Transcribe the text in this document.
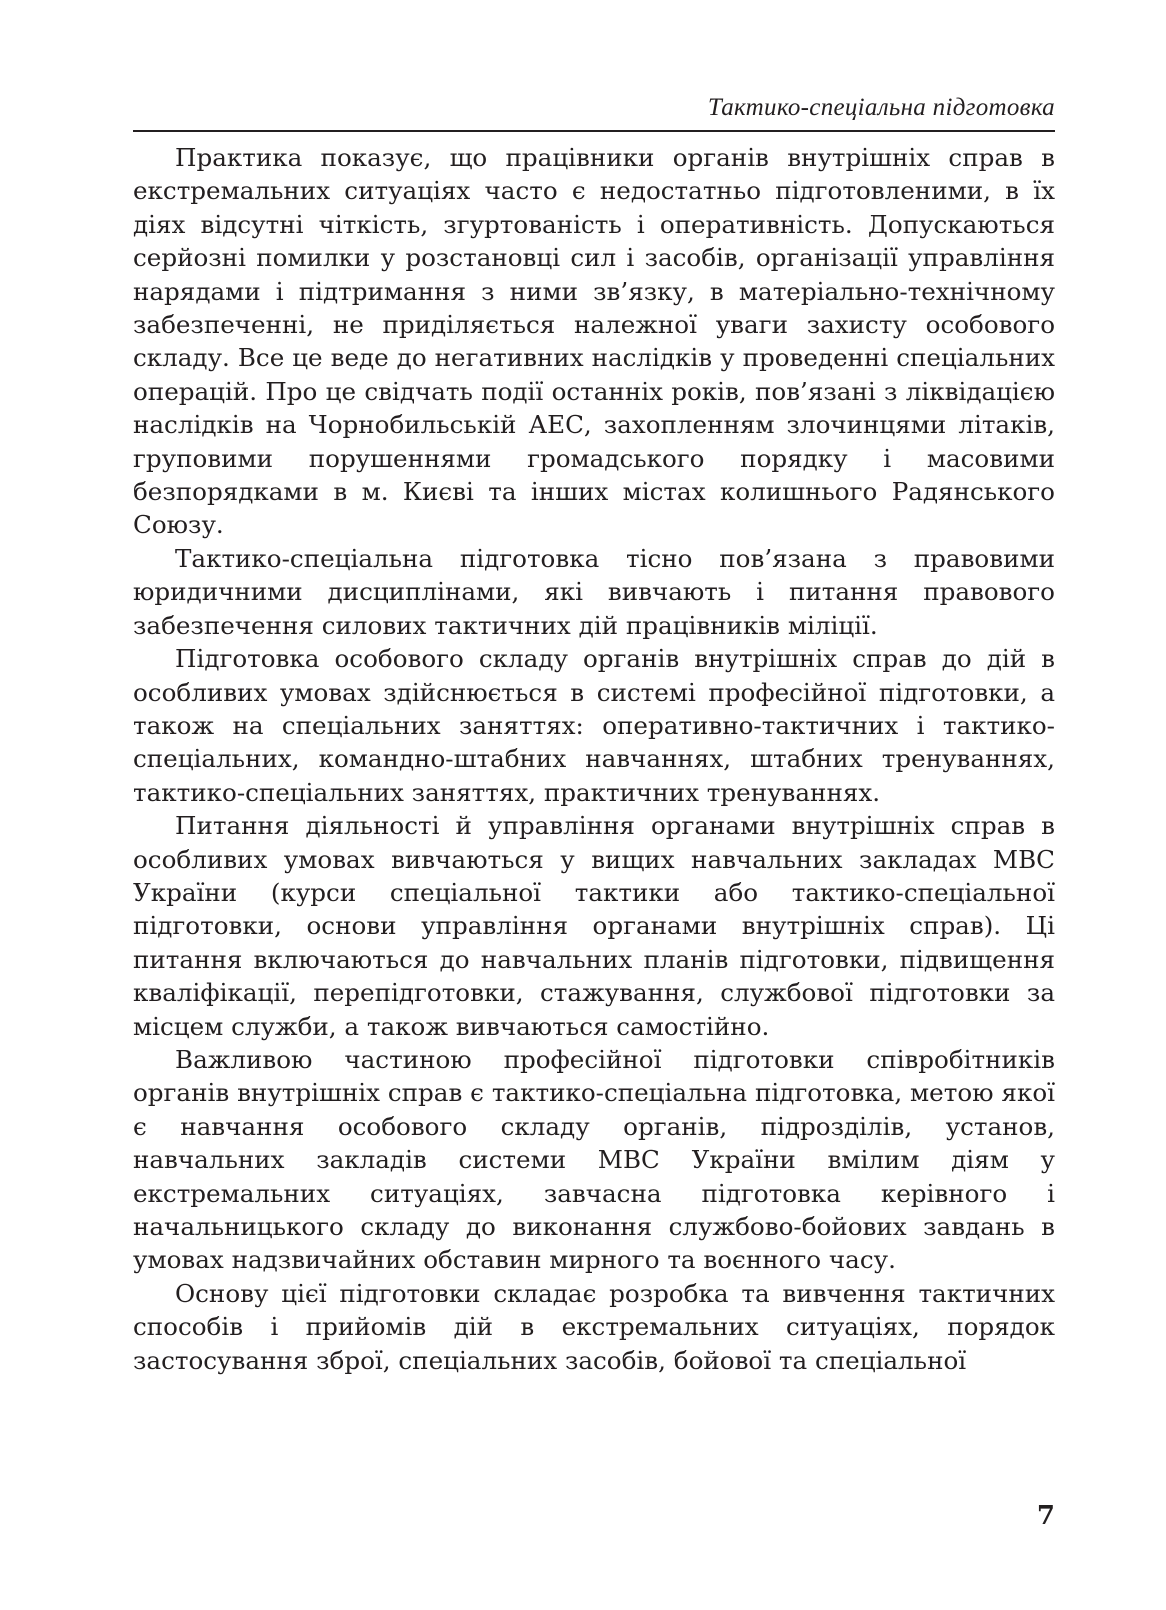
Тактико-спеціальна підготовка

Практика показує, що працівники органів внутрішніх справ в екстремальних ситуаціях часто є недостатньо підготовленими, в їх діях відсутні чіткість, згуртованість і оперативність. Допускаються серйозні помилки у розстановці сил і засобів, організації управління нарядами і підтримання з ними зв’язку, в матеріально-технічному забезпеченні, не приділяється належної уваги захисту особового складу. Все це веде до негативних наслідків у проведенні спеціальних операцій. Про це свідчать події останніх років, пов’язані з ліквідацією наслідків на Чорнобильській АЕС, захопленням злочинцями літаків, груповими порушеннями громадського порядку і масовими безпорядками в м. Києві та інших містах колишнього Радянського Союзу.

Тактико-спеціальна підготовка тісно пов’язана з правовими юридичними дисциплінами, які вивчають і питання правового забезпечення силових тактичних дій працівників міліції.

Підготовка особового складу органів внутрішніх справ до дій в особливих умовах здійснюється в системі професійної підготовки, а також на спеціальних заняттях: оперативно-тактичних і тактико-спеціальних, командно-штабних навчаннях, штабних тренуваннях, тактико-спеціальних заняттях, практичних тренуваннях.

Питання діяльності й управління органами внутрішніх справ в особливих умовах вивчаються у вищих навчальних закладах МВС України (курси спеціальної тактики або тактико-спеціальної підготовки, основи управління органами внутрішніх справ). Ці питання включаються до навчальних планів підготовки, підвищення кваліфікації, перепідготовки, стажування, службової підготовки за місцем служби, а також вивчаються самостійно.

Важливою частиною професійної підготовки співробітників органів внутрішніх справ є тактико-спеціальна підготовка, метою якої є навчання особового складу органів, підрозділів, установ, навчальних закладів системи МВС України вмілим діям у екстремальних ситуаціях, завчасна підготовка керівного і начальницького складу до виконання службово-бойових завдань в умовах надзвичайних обставин мирного та воєнного часу.

Основу цієї підготовки складає розробка та вивчення тактичних способів і прийомів дій в екстремальних ситуаціях, порядок застосування зброї, спеціальних засобів, бойової та спеціальної

7
